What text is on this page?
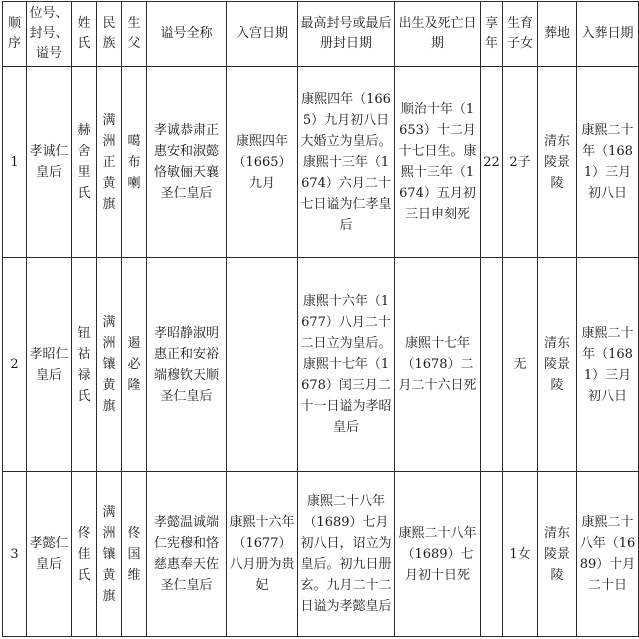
顺序	位号、封号、谥号	姓氏	民族	生父	谥号全称	入宫日期	最高封号或最后册封日期	出生及死亡日期	享年	生育子女	葬地	入葬日期
1	孝诚仁皇后	赫舍里氏	满洲正黄旗	噶布喇	孝诚恭肃正惠安和淑懿恪敏俪天襄圣仁皇后	康熙四年（1665）九月	康熙四年（1665）九月初八日大婚立为皇后。康熙十三年（1674）六月二十七日谥为仁孝皇后	顺治十年（1653）十二月十七日生。康熙十三年（1674）五月初三日申刻死	22	2子	清东陵景陵	康熙二十年（1681）三月初八日
2	孝昭仁皇后	钮祜禄氏	满洲镶黄旗	遏必隆	孝昭静淑明惠正和安裕端穆钦天顺圣仁皇后		康熙十六年（1677）八月二十二日立为皇后。康熙十七年（1678）闰三月二十一日谥为孝昭皇后	康熙十七年（1678）二月二十六日死		无	清东陵景陵	康熙二十年（1681）三月初八日
3	孝懿仁皇后	佟佳氏	满洲镶黄旗	佟国维	孝懿温诚端仁宪穆和恪慈惠奉天佐圣仁皇后	康熙十六年（1677）八月册为贵妃	康熙二十八年（1689）七月初八日，诏立为皇后。初九日册玄。九月二十二日谥为孝懿皇后	康熙二十八年（1689）七月初十日死		1女	清东陵景陵	康熙二十八年（1689）十月二十日
